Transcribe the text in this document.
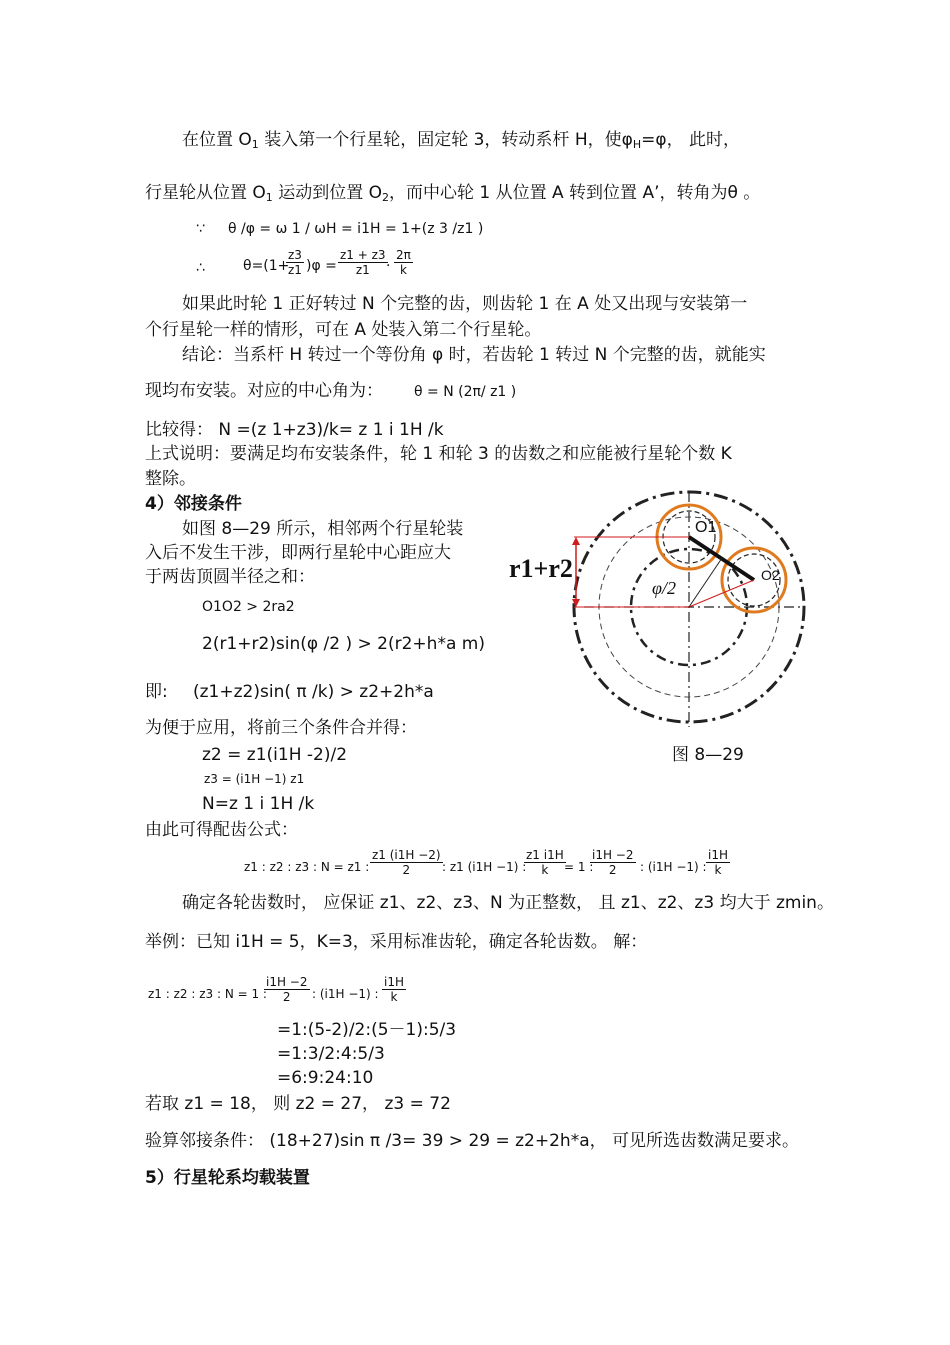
在位置 $O_1$ 装入第一个行星轮，固定轮 3，转动系杆 H，使$\varphi_H=\varphi$， 此时，
行星轮从位置 $O_1$ 运动到位置 $O_2$，而中心轮 1 从位置 A 转到位置 A’，转角为θ 。
∵ θ /φ = ω 1 / ωH = i1H = 1+(z 3 /z1 )
∴	θ=(1+
$\frac{z3}{z1} )\varphi = \frac{z1 + z3}{z1}$
· $\frac{2\pi}{k}$
如果此时轮 1 正好转过 N 个完整的齿，则齿轮 1 在 A 处又出现与安装第一
个行星轮一样的情形，可在 A 处装入第二个行星轮。
结论：当系杆 H 转过一个等份角 φ 时，若齿轮 1 转过 N 个完整的齿，就能实
现均布安装。对应的中心角为： θ = N (2π/ z1 )
比较得： N =(z 1+z3)/k= z 1 i 1H /k
上式说明：要满足均布安装条件，轮 1 和轮 3 的齿数之和应能被行星轮个数 K
整除。
4）邻接条件
如图 8—29 所示，相邻两个行星轮装
入后不发生干涉，即两行星轮中心距应大
于两齿顶圆半径之和：
O1O2 > 2ra2
2(r1+r2)sin(φ /2 ) > 2(r2+h*a m)
即: (z1+z2)sin( π /k) > z2+2h*a
为便于应用，将前三个条件合并得：
z2 = z1(i1H -2)/2
z3 = (i1H −1) z1
N=z 1 i 1H /k
r1+r2
O1
O2
φ/2
图 8—29
由此可得配齿公式：
z1 : z2 : z3 : N = z1 : $\frac{z1 (i1H -2)}{2}$ : z1 (i1H −1) :
$\frac{z1 i1H}{k}$
= 1 :
$\frac{i1H -2}{2}$ : (i1H −1) : $\frac{i1H}{k}$
确定各轮齿数时， 应保证 z1、z2、z3、N 为正整数， 且 z1、z2、z3 均大于 zmin。
举例：已知 i1H = 5，K=3，采用标准齿轮，确定各轮齿数。 解：
z1 : z2 : z3 : N = 1 :
$\frac{i1H -2}{2}$ : (i1H −1) : $\frac{i1H}{k}$
=1:(5-2)/2:(5－1):5/3
=1:3/2:4:5/3
=6:9:24:10
若取 z1 = 18， 则 z2 = 27， z3 = 72
验算邻接条件： (18+27)sin π /3= 39 > 29 = z2+2h*a， 可见所选齿数满足要求。
5）行星轮系均载装置
